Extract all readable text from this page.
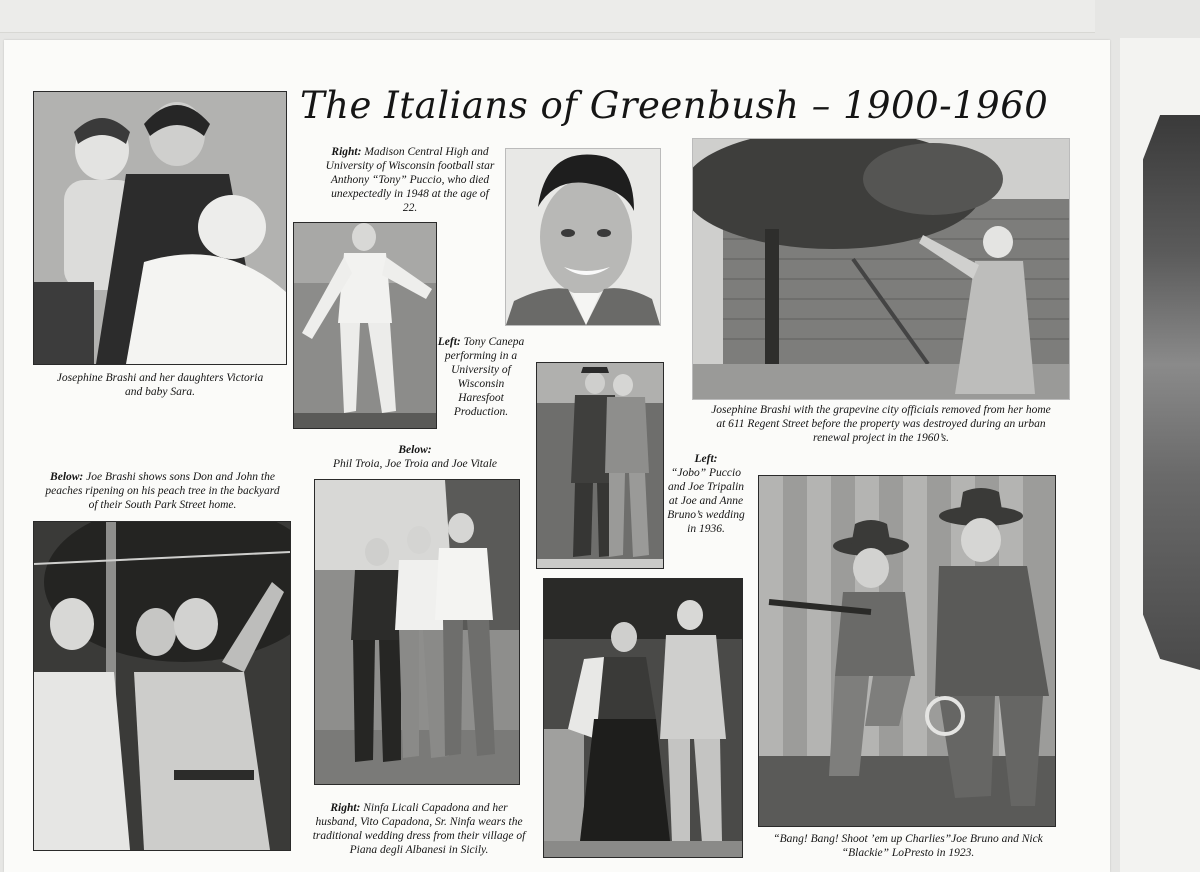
The Italians of Greenbush – 1900-1960

Josephine Brashi and her daughters Victoria and baby Sara.

Right: Madison Central High and University of Wisconsin football star Anthony “Tony” Puccio, who died unexpectedly in 1948 at the age of 22.

Left: Tony Canepa performing in a University of Wisconsin Haresfoot Production.	Josephine Brashi with the grapevine city officials removed from her home at 611 Regent Street before the property was destroyed during an urban renewal project in the 1960’s.

Left:
“Jobo” Puccio and Joe Tripalin at Joe and Anne Bruno’s wedding in 1936.

Below: Joe Brashi shows sons Don and John the peaches ripening on his peach tree in the backyard of their South Park Street home.

Below:
Phil Troia, Joe Troia and Joe Vitale

Right: Ninfa Licali Capadona and her husband, Vito Capadona, Sr. Ninfa wears the traditional wedding dress from their village of Piana degli Albanesi in Sicily.

“Bang! Bang! Shoot ’em up Charlies”Joe Bruno and Nick “Blackie” LoPresto in 1923.
